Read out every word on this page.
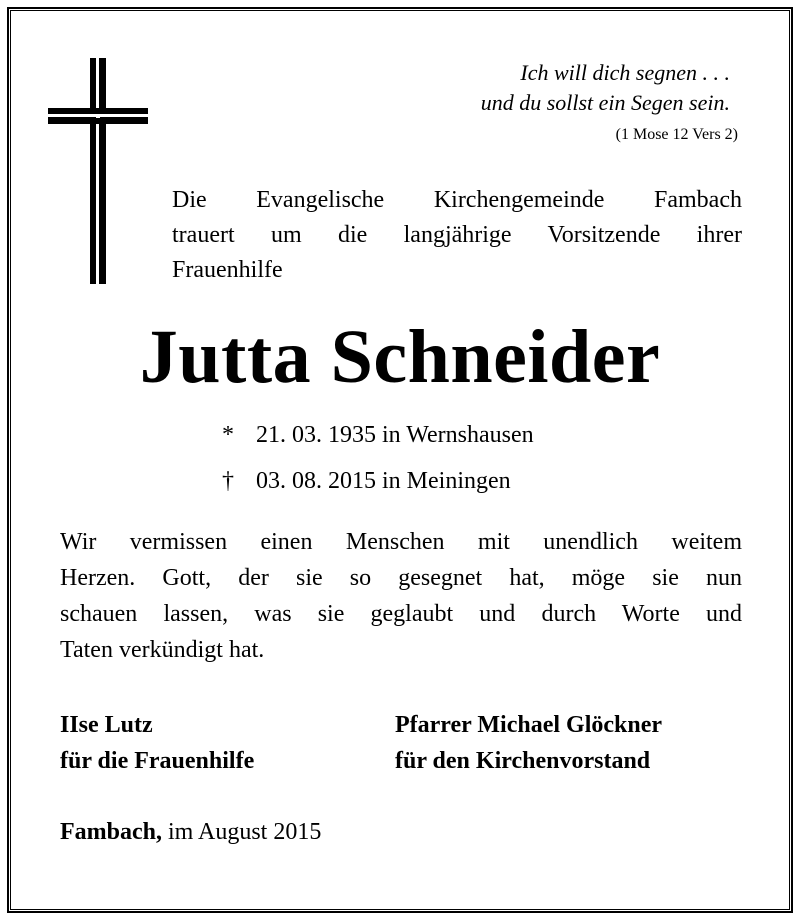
Ich will dich segnen . . .
und du sollst ein Segen sein.
(1 Mose 12 Vers 2)
Die Evangelische Kirchengemeinde Fambach
trauert um die langjährige Vorsitzende ihrer
Frauenhilfe
Jutta Schneider
* 21. 03. 1935 in Wernshausen
† 03. 08. 2015 in Meiningen
Wir vermissen einen Menschen mit unendlich weitem
Herzen. Gott, der sie so gesegnet hat, möge sie nun
schauen lassen, was sie geglaubt und durch Worte und
Taten verkündigt hat.
IIse Lutz
für die Frauenhilfe
Pfarrer Michael Glöckner
für den Kirchenvorstand
Fambach, im August 2015
